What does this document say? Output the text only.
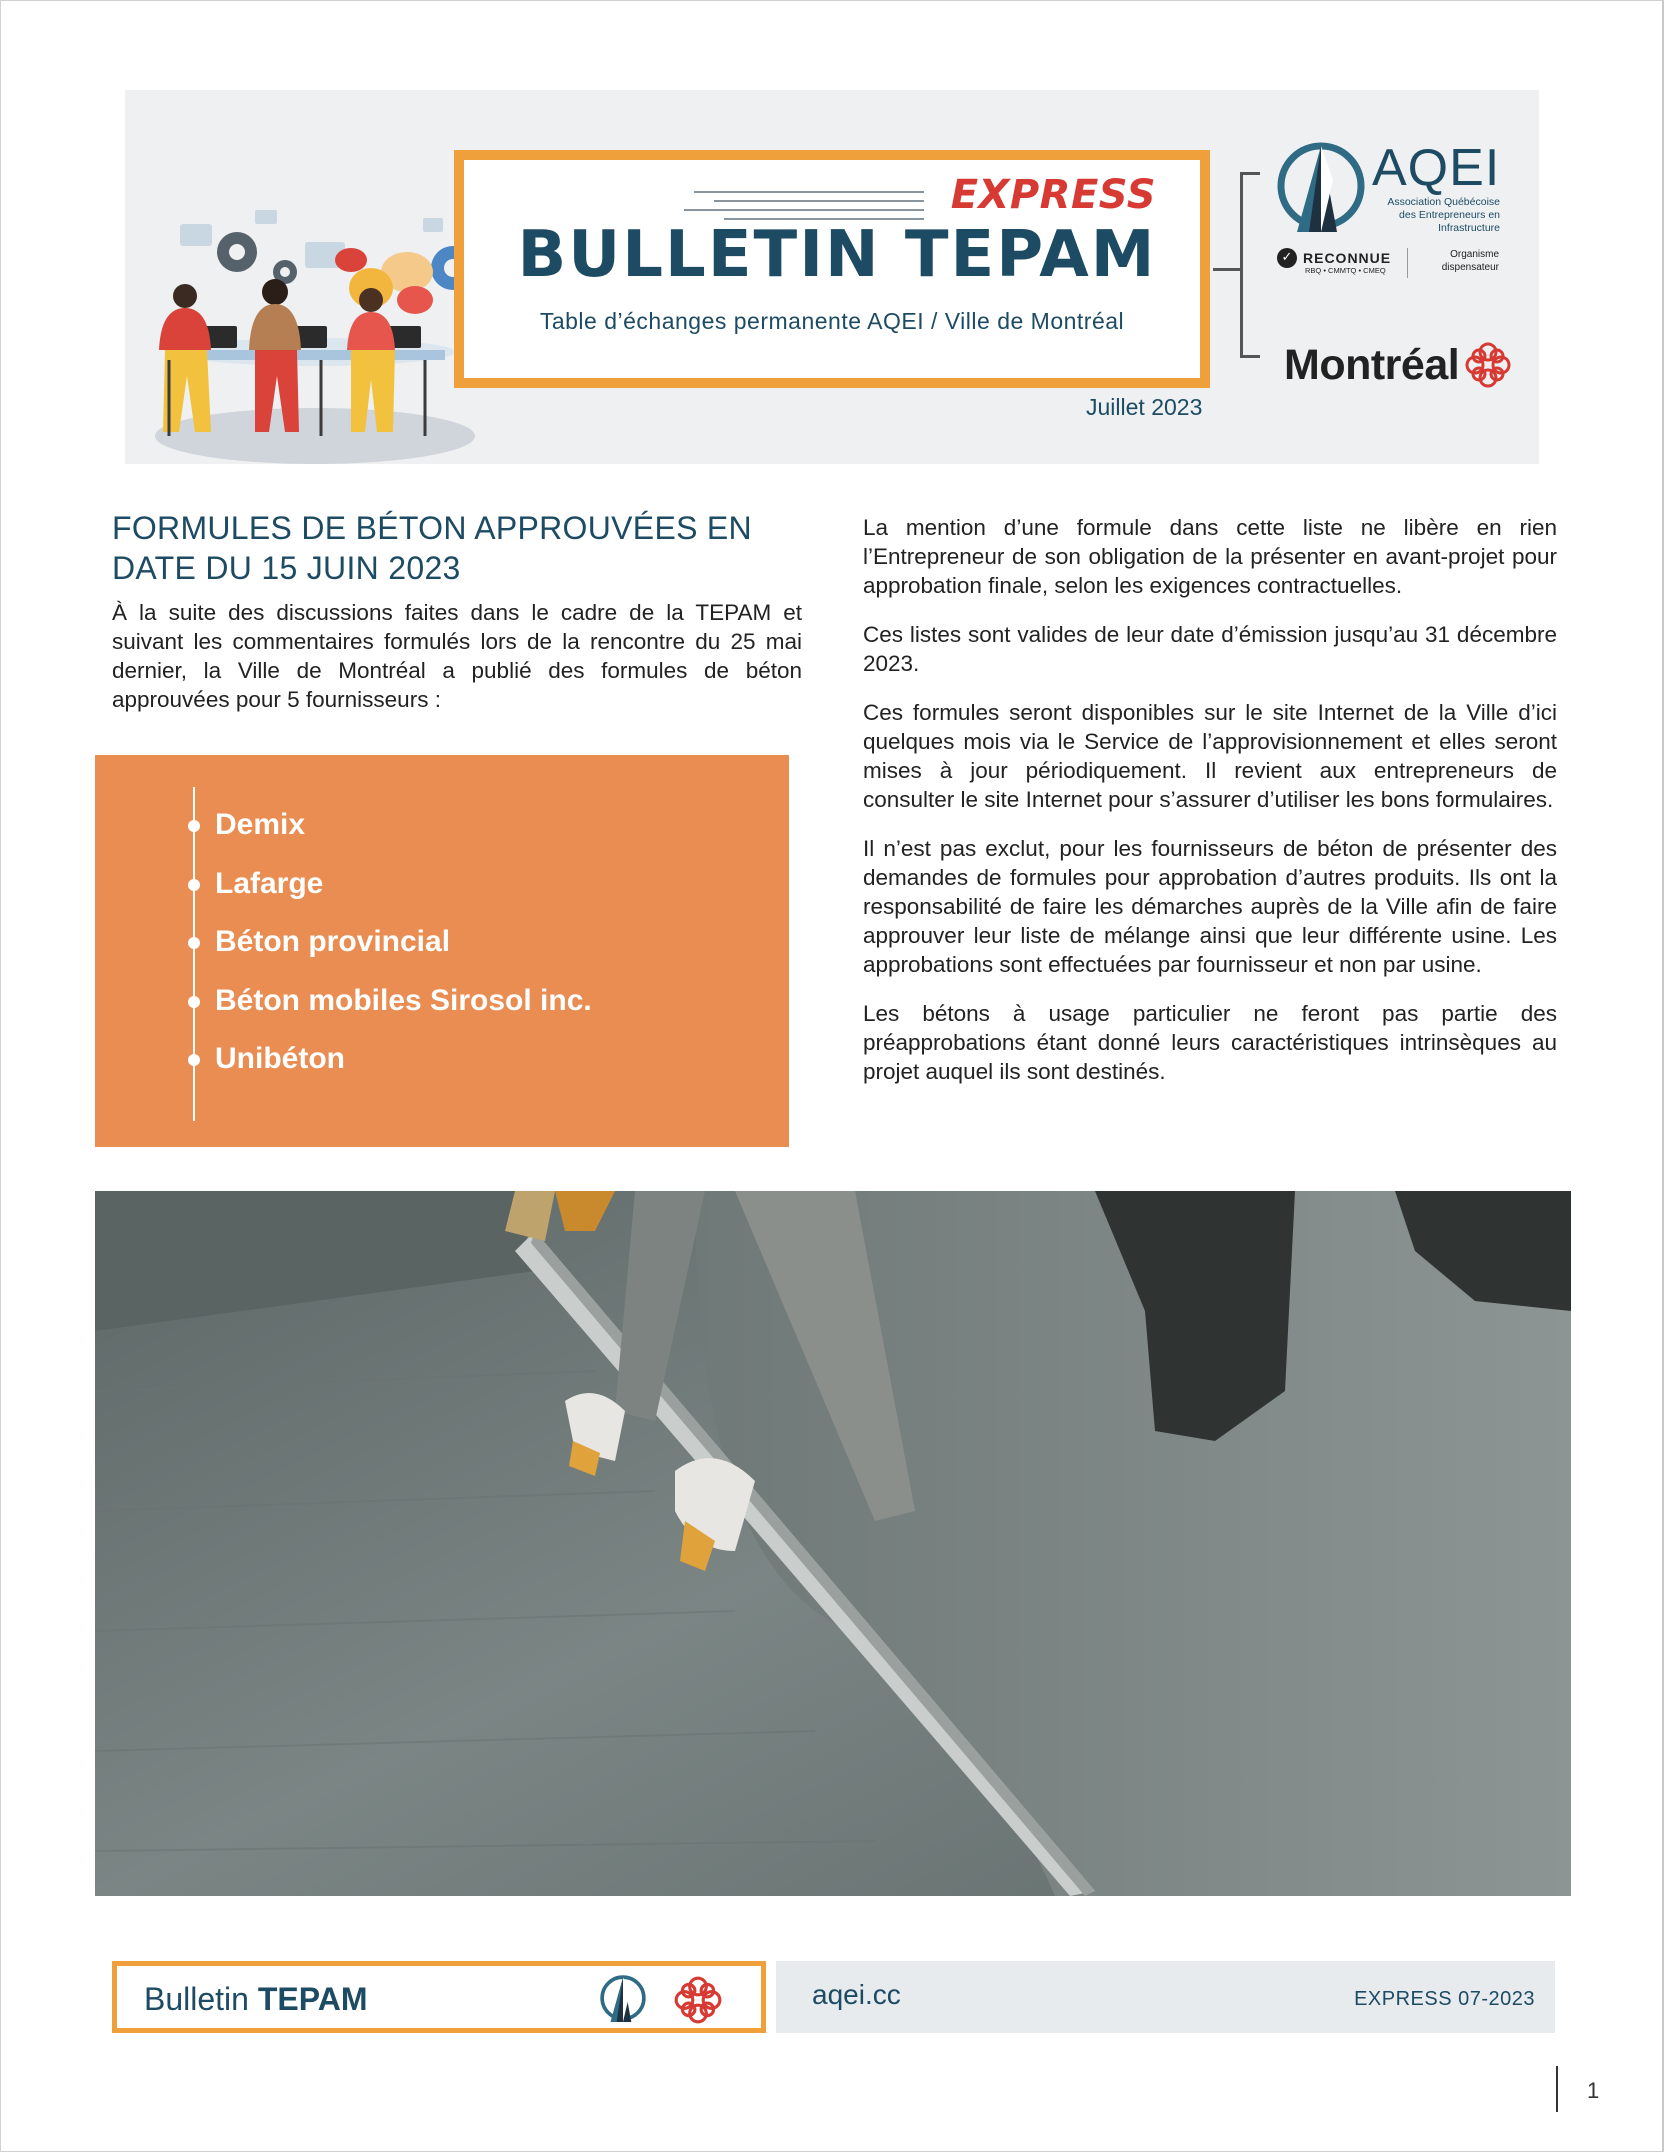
EXPRESS
BULLETIN TEPAM
Table d’échanges permanente AQEI / Ville de Montréal
Juillet 2023
AQEI
Association Québécoise
des Entrepreneurs en
Infrastructure
✓ RECONNUE
RBQ • CMMTQ • CMEQ
Organisme
dispensateur
Montréal
FORMULES DE BÉTON APPROUVÉES EN
DATE DU 15 JUIN 2023

À la suite des discussions faites dans le cadre de la TEPAM et suivant les commentaires formulés lors de la rencontre du 25 mai dernier, la Ville de Montréal a publié des formules de béton approuvées pour 5 fournisseurs :

Demix
Lafarge
Béton provincial
Béton mobiles Sirosol inc.
Unibéton

La mention d’une formule dans cette liste ne libère en rien l’Entrepreneur de son obligation de la présenter en avant-projet pour approbation finale, selon les exigences contractuelles.

Ces listes sont valides de leur date d’émission jusqu’au 31 décembre 2023.

Ces formules seront disponibles sur le site Internet de la Ville d’ici quelques mois via le Service de l’approvisionnement et elles seront mises à jour périodiquement. Il revient aux entrepreneurs de consulter le site Internet pour s’assurer d’utiliser les bons formulaires.

Il n’est pas exclut, pour les fournisseurs de béton de présenter des demandes de formules pour approbation d’autres produits. Ils ont la responsabilité de faire les démarches auprès de la Ville afin de faire approuver leur liste de mélange ainsi que leur différente usine. Les approbations sont effectuées par fournisseur et non par usine.

Les bétons à usage particulier ne feront pas partie des préapprobations étant donné leurs caractéristiques intrinsèques au projet auquel ils sont destinés.

Bulletin TEPAM	aqei.cc	EXPRESS 07-2023
1
